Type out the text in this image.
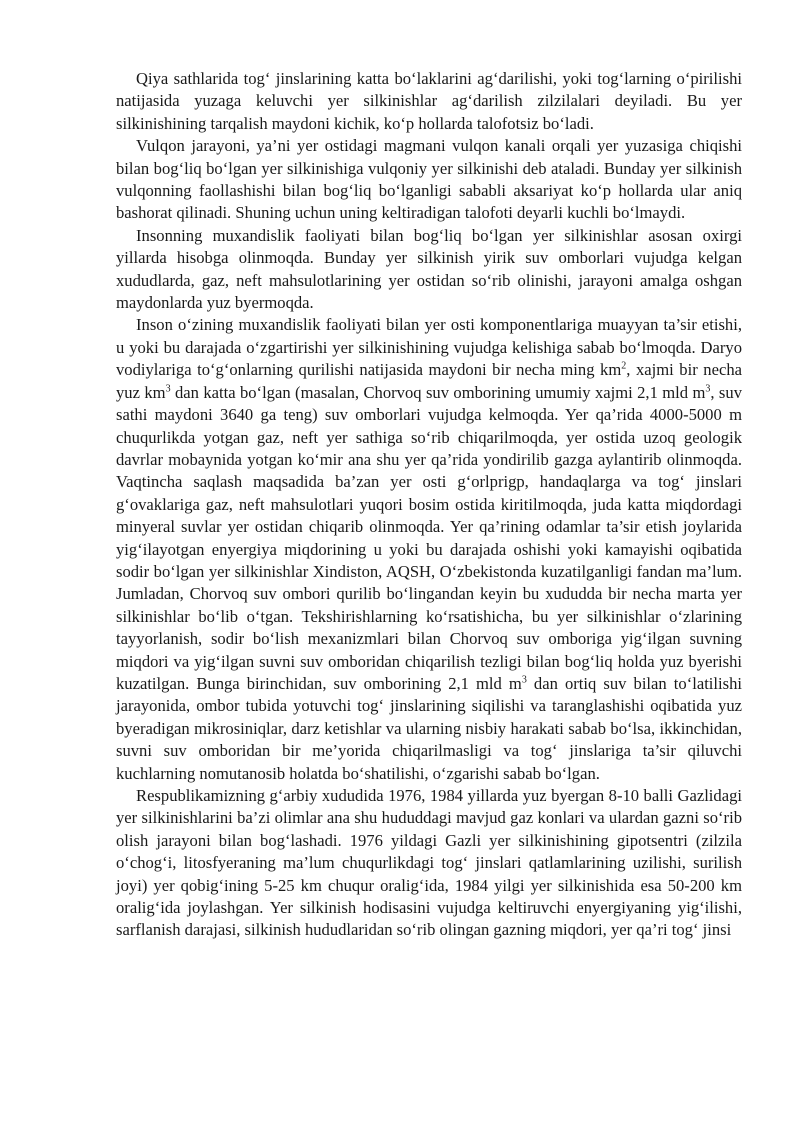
Qiya sathlarida tog‘ jinslarining katta bo‘laklarini ag‘darilishi, yoki tog‘larning o‘pirilishi natijasida yuzaga keluvchi yer silkinishlar ag‘darilish zilzilalari deyiladi. Bu yer silkinishining tarqalish maydoni kichik, ko‘p hollarda talofotsiz bo‘ladi.

Vulqon jarayoni, ya’ni yer ostidagi magmani vulqon kanali orqali yer yuzasiga chiqishi bilan bog‘liq bo‘lgan yer silkinishiga vulqoniy yer silkinishi deb ataladi. Bunday yer silkinish vulqonning faollashishi bilan bog‘liq bo‘lganligi sababli aksariyat ko‘p hollarda ular aniq bashorat qilinadi. Shuning uchun uning keltiradigan talofoti deyarli kuchli bo‘lmaydi.

Insonning muxandislik faoliyati bilan bog‘liq bo‘lgan yer silkinishlar asosan oxirgi yillarda hisobga olinmoqda. Bunday yer silkinish yirik suv omborlari vujudga kelgan xududlarda, gaz, neft mahsulotlarining yer ostidan so‘rib olinishi, jarayoni amalga oshgan maydonlarda yuz byermoqda.

Inson o‘zining muxandislik faoliyati bilan yer osti komponentlariga muayyan ta’sir etishi, u yoki bu darajada o‘zgartirishi yer silkinishining vujudga kelishiga sabab bo‘lmoqda. Daryo vodiylariga to‘g‘onlarning qurilishi natijasida maydoni bir necha ming $km^2$, xajmi bir necha yuz $km^3$ dan katta bo‘lgan (masalan, Chorvoq suv omborining umumiy xajmi 2,1 mld $m^3$, suv sathi maydoni 3640 ga teng) suv omborlari vujudga kelmoqda. Yer qa’rida 4000-5000 m chuqurlikda yotgan gaz, neft yer sathiga so‘rib chiqarilmoqda, yer ostida uzoq geologik davrlar mobaynida yotgan ko‘mir ana shu yer qa’rida yondirilib gazga aylantirib olinmoqda. Vaqtincha saqlash maqsadida ba’zan yer osti g‘orlprigp, handaqlarga va tog‘ jinslari g‘ovaklariga gaz, neft mahsulotlari yuqori bosim ostida kiritilmoqda, juda katta miqdordagi minyeral suvlar yer ostidan chiqarib olinmoqda. Yer qa’rining odamlar ta’sir etish joylarida yig‘ilayotgan enyergiya miqdorining u yoki bu darajada oshishi yoki kamayishi oqibatida sodir bo‘lgan yer silkinishlar Xindiston, AQSH, O‘zbekistonda kuzatilganligi fandan ma’lum. Jumladan, Chorvoq suv ombori qurilib bo‘lingandan keyin bu xududda bir necha marta yer silkinishlar bo‘lib o‘tgan. Tekshirishlarning ko‘rsatishicha, bu yer silkinishlar o‘zlarining tayyorlanish, sodir bo‘lish mexanizmlari bilan Chorvoq suv omboriga yig‘ilgan suvning miqdori va yig‘ilgan suvni suv omboridan chiqarilish tezligi bilan bog‘liq holda yuz byerishi kuzatilgan. Bunga birinchidan, suv omborining 2,1 mld $m^3$ dan ortiq suv bilan to‘latilishi jarayonida, ombor tubida yotuvchi tog‘ jinslarining siqilishi va taranglashishi oqibatida yuz byeradigan mikrosiniqlar, darz ketishlar va ularning nisbiy harakati sabab bo‘lsa, ikkinchidan, suvni suv omboridan bir me’yorida chiqarilmasligi va tog‘ jinslariga ta’sir qiluvchi kuchlarning nomutanosib holatda bo‘shatilishi, o‘zgarishi sabab bo‘lgan.

Respublikamizning g‘arbiy xududida 1976, 1984 yillarda yuz byergan 8-10 balli Gazlidagi yer silkinishlarini ba’zi olimlar ana shu hududdagi mavjud gaz konlari va ulardan gazni so‘rib olish jarayoni bilan bog‘lashadi. 1976 yildagi Gazli yer silkinishining gipotsentri (zilzila o‘chog‘i, litosfyeraning ma’lum chuqurlikdagi tog‘ jinslari qatlamlarining uzilishi, surilish joyi) yer qobig‘ining 5-25 km chuqur oralig‘ida, 1984 yilgi yer silkinishida esa 50-200 km oralig‘ida joylashgan. Yer silkinish hodisasini vujudga keltiruvchi enyergiyaning yig‘ilishi, sarflanish darajasi, silkinish hududlaridan so‘rib olingan gazning miqdori, yer qa’ri tog‘ jinsi
